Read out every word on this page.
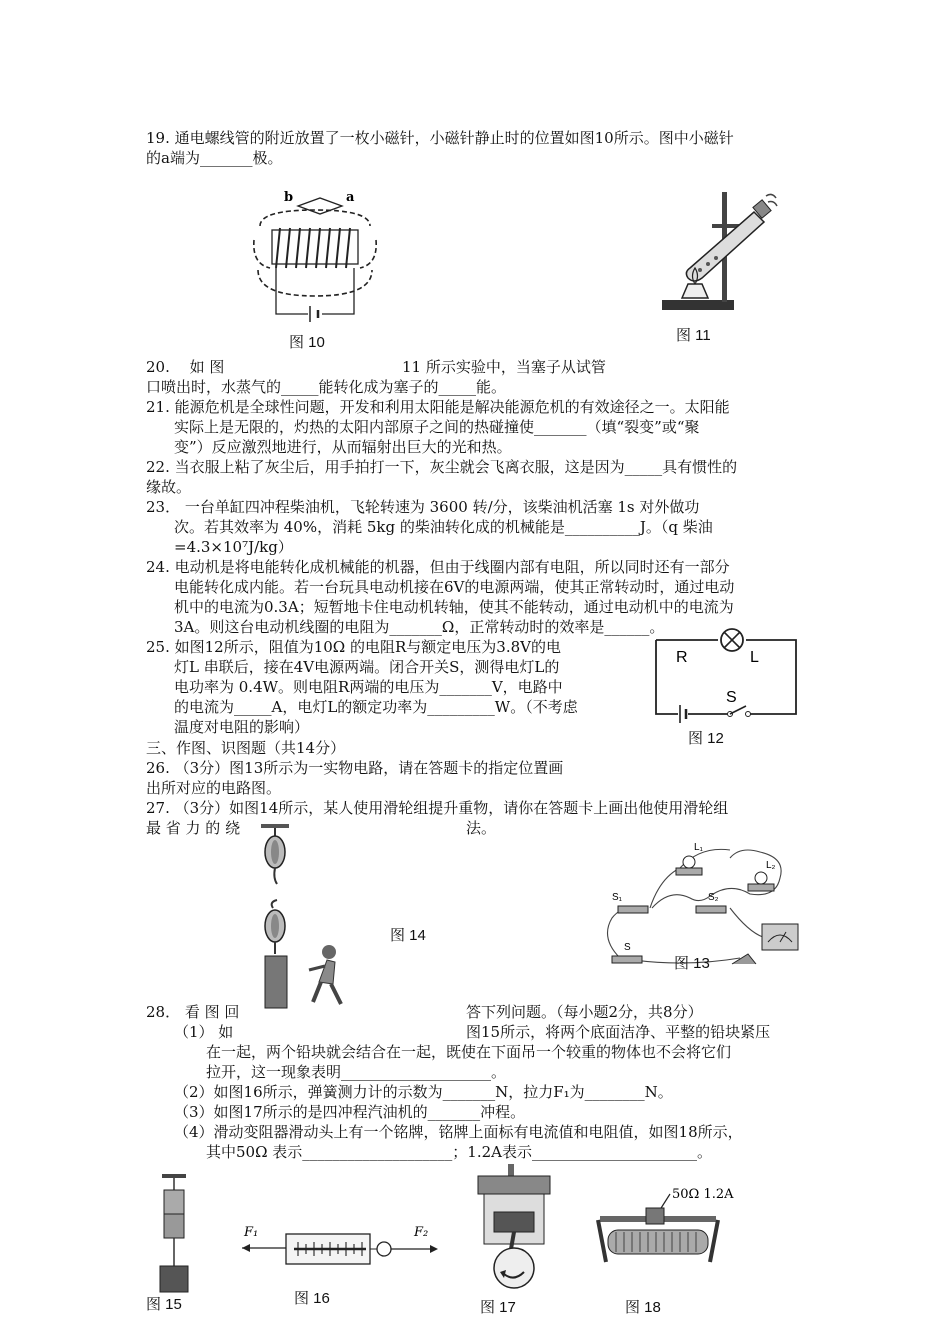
19. 通电螺线管的附近放置了一枚小磁针，小磁针静止时的位置如图10所示。图中小磁针
的a端为_______极。
b	a
图 10	图 11
20.　 如 图	11 所示实验中，当塞子从试管
口喷出时，水蒸气的_____能转化成为塞子的_____能。
21. 能源危机是全球性问题，开发和利用太阳能是解决能源危机的有效途径之一。太阳能
实际上是无限的，灼热的太阳内部原子之间的热碰撞使_______（填“裂变”或“聚
变”）反应激烈地进行，从而辐射出巨大的光和热。
22. 当衣服上粘了灰尘后，用手拍打一下，灰尘就会飞离衣服，这是因为_____具有惯性的
缘故。
23． 一台单缸四冲程柴油机，飞轮转速为 3600 转/分，该柴油机活塞 1s 对外做功
次。若其效率为 40%，消耗 5kg 的柴油转化成的机械能是__________J。（q 柴油
=4.3×10⁷J/kg）
24. 电动机是将电能转化成机械能的机器，但由于线圈内部有电阻，所以同时还有一部分
电能转化成内能。若一台玩具电动机接在6V的电源两端，使其正常转动时，通过电动
机中的电流为0.3A；短暂地卡住电动机转轴，使其不能转动，通过电动机中的电流为
3A。则这台电动机线圈的电阻为_______Ω，正常转动时的效率是______。
25. 如图12所示，阻值为10Ω 的电阻R与额定电压为3.8V的电
灯L 串联后，接在4V电源两端。闭合开关S，测得电灯L的
电功率为 0.4W。则电阻R两端的电压为_______V，电路中
的电流为_____A，电灯L的额定功率为_________W。（不考虑
温度对电阻的影响）
R	L
S
图 12
三、作图、识图题（共14分）
26. （3分）图13所示为一实物电路，请在答题卡的指定位置画
出所对应的电路图。
27. （3分）如图14所示，某人使用滑轮组提升重物，请你在答题卡上画出他使用滑轮组
最 省 力 的 绕	法。
图 14
L₁
L₂
S₁	S₂
S
图 13
28． 看 图 回	答下列问题。（每小题2分，共8分）
（1） 如	图15所示，将两个底面洁净、平整的铅块紧压
在一起，两个铅块就会结合在一起，既使在下面吊一个较重的物体也不会将它们
拉开，这一现象表明____________________。
（2）如图16所示，弹簧测力计的示数为_______N，拉力F₁为________N。
（3）如图17所示的是四冲程汽油机的_______冲程。
（4）滑动变阻器滑动头上有一个铭牌，铭牌上面标有电流值和电阻值，如图18所示，
其中50Ω 表示____________________；1.2A表示______________________。
图 15
F₁	F₂
图 16
图 17
50Ω 1.2A
图 18
